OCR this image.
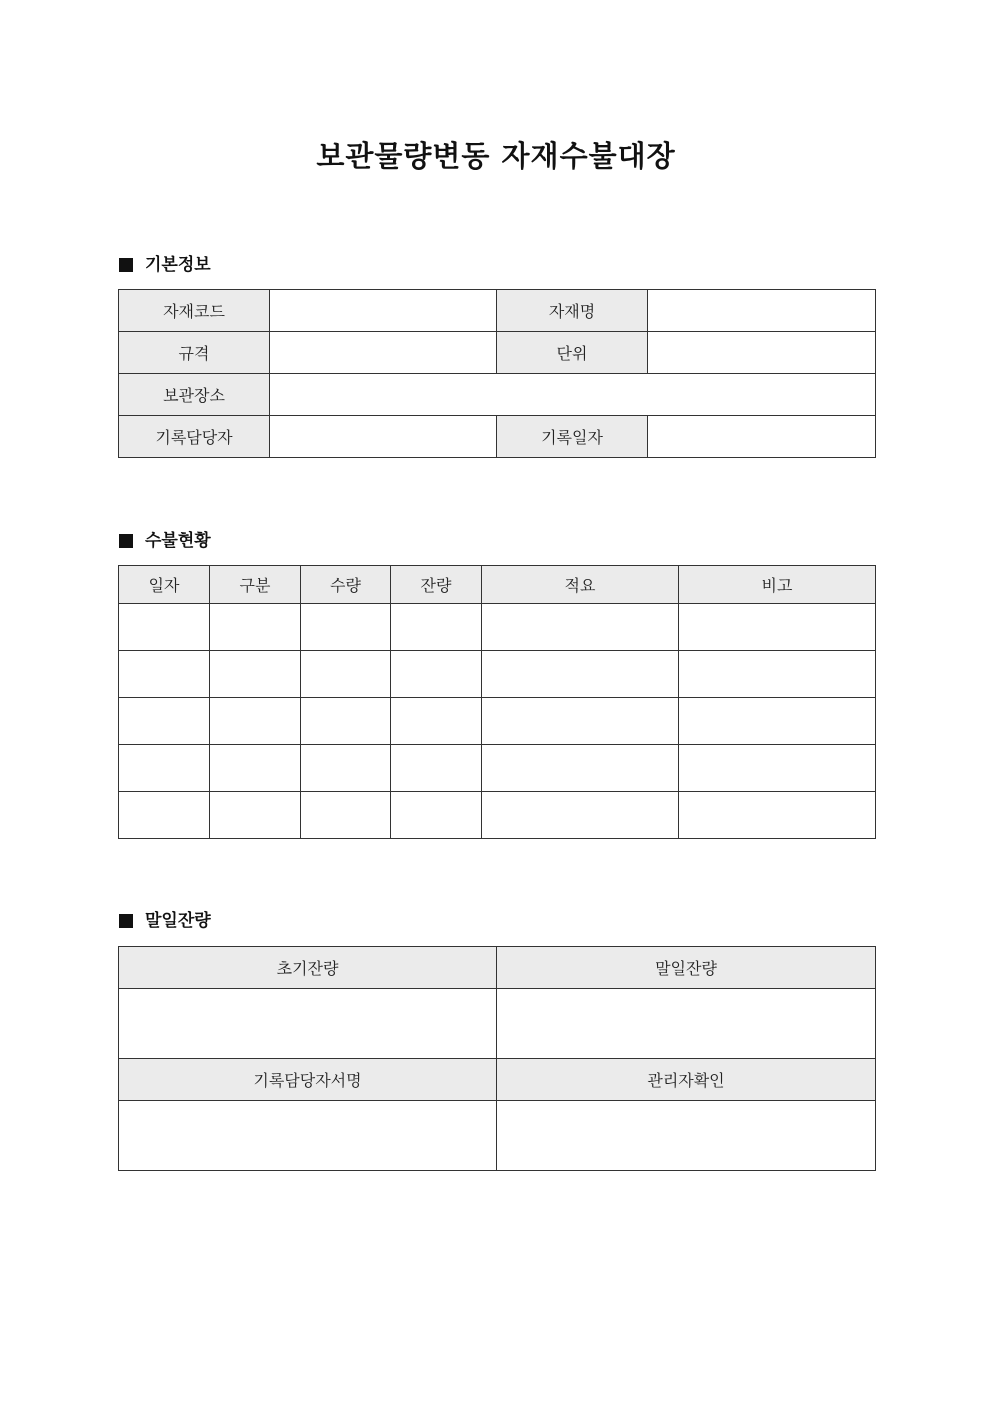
보관물량변동 자재수불대장
기본정보
자재코드		자재명	
규격		단위	
보관장소			
기록담당자		기록일자	
수불현황
일자	구분	수량	잔량	적요	비고

말일잔량
초기잔량	말일잔량

기록담당자서명	관리자확인
